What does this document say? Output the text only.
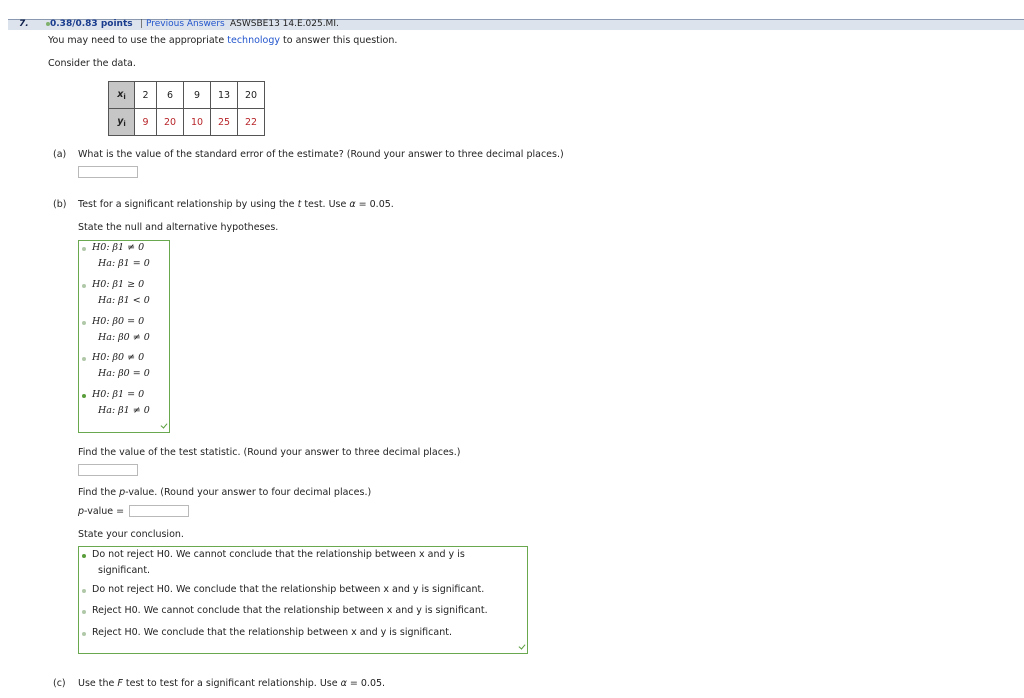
7. 0.38/0.83 points | Previous Answers ASWSBE13 14.E.025.MI.
You may need to use the appropriate technology to answer this question.
Consider the data.
$x_i$	2	6	9	13	20
$y_i$	9	20	10	25	22
(a) What is the value of the standard error of the estimate? (Round your answer to three decimal places.)
(b) Test for a significant relationship by using the t test. Use α = 0.05.
State the null and alternative hypotheses.
H0: β1 ≠ 0
Ha: β1 = 0
H0: β1 ≥ 0
Ha: β1 < 0
H0: β0 = 0
Ha: β0 ≠ 0
H0: β0 ≠ 0
Ha: β0 = 0
H0: β1 = 0
Ha: β1 ≠ 0
Find the value of the test statistic. (Round your answer to three decimal places.)
Find the p-value. (Round your answer to four decimal places.)
p-value =
State your conclusion.
Do not reject H0. We cannot conclude that the relationship between x and y is
significant.
Do not reject H0. We conclude that the relationship between x and y is significant.
Reject H0. We cannot conclude that the relationship between x and y is significant.
Reject H0. We conclude that the relationship between x and y is significant.
(c) Use the F test to test for a significant relationship. Use α = 0.05.
